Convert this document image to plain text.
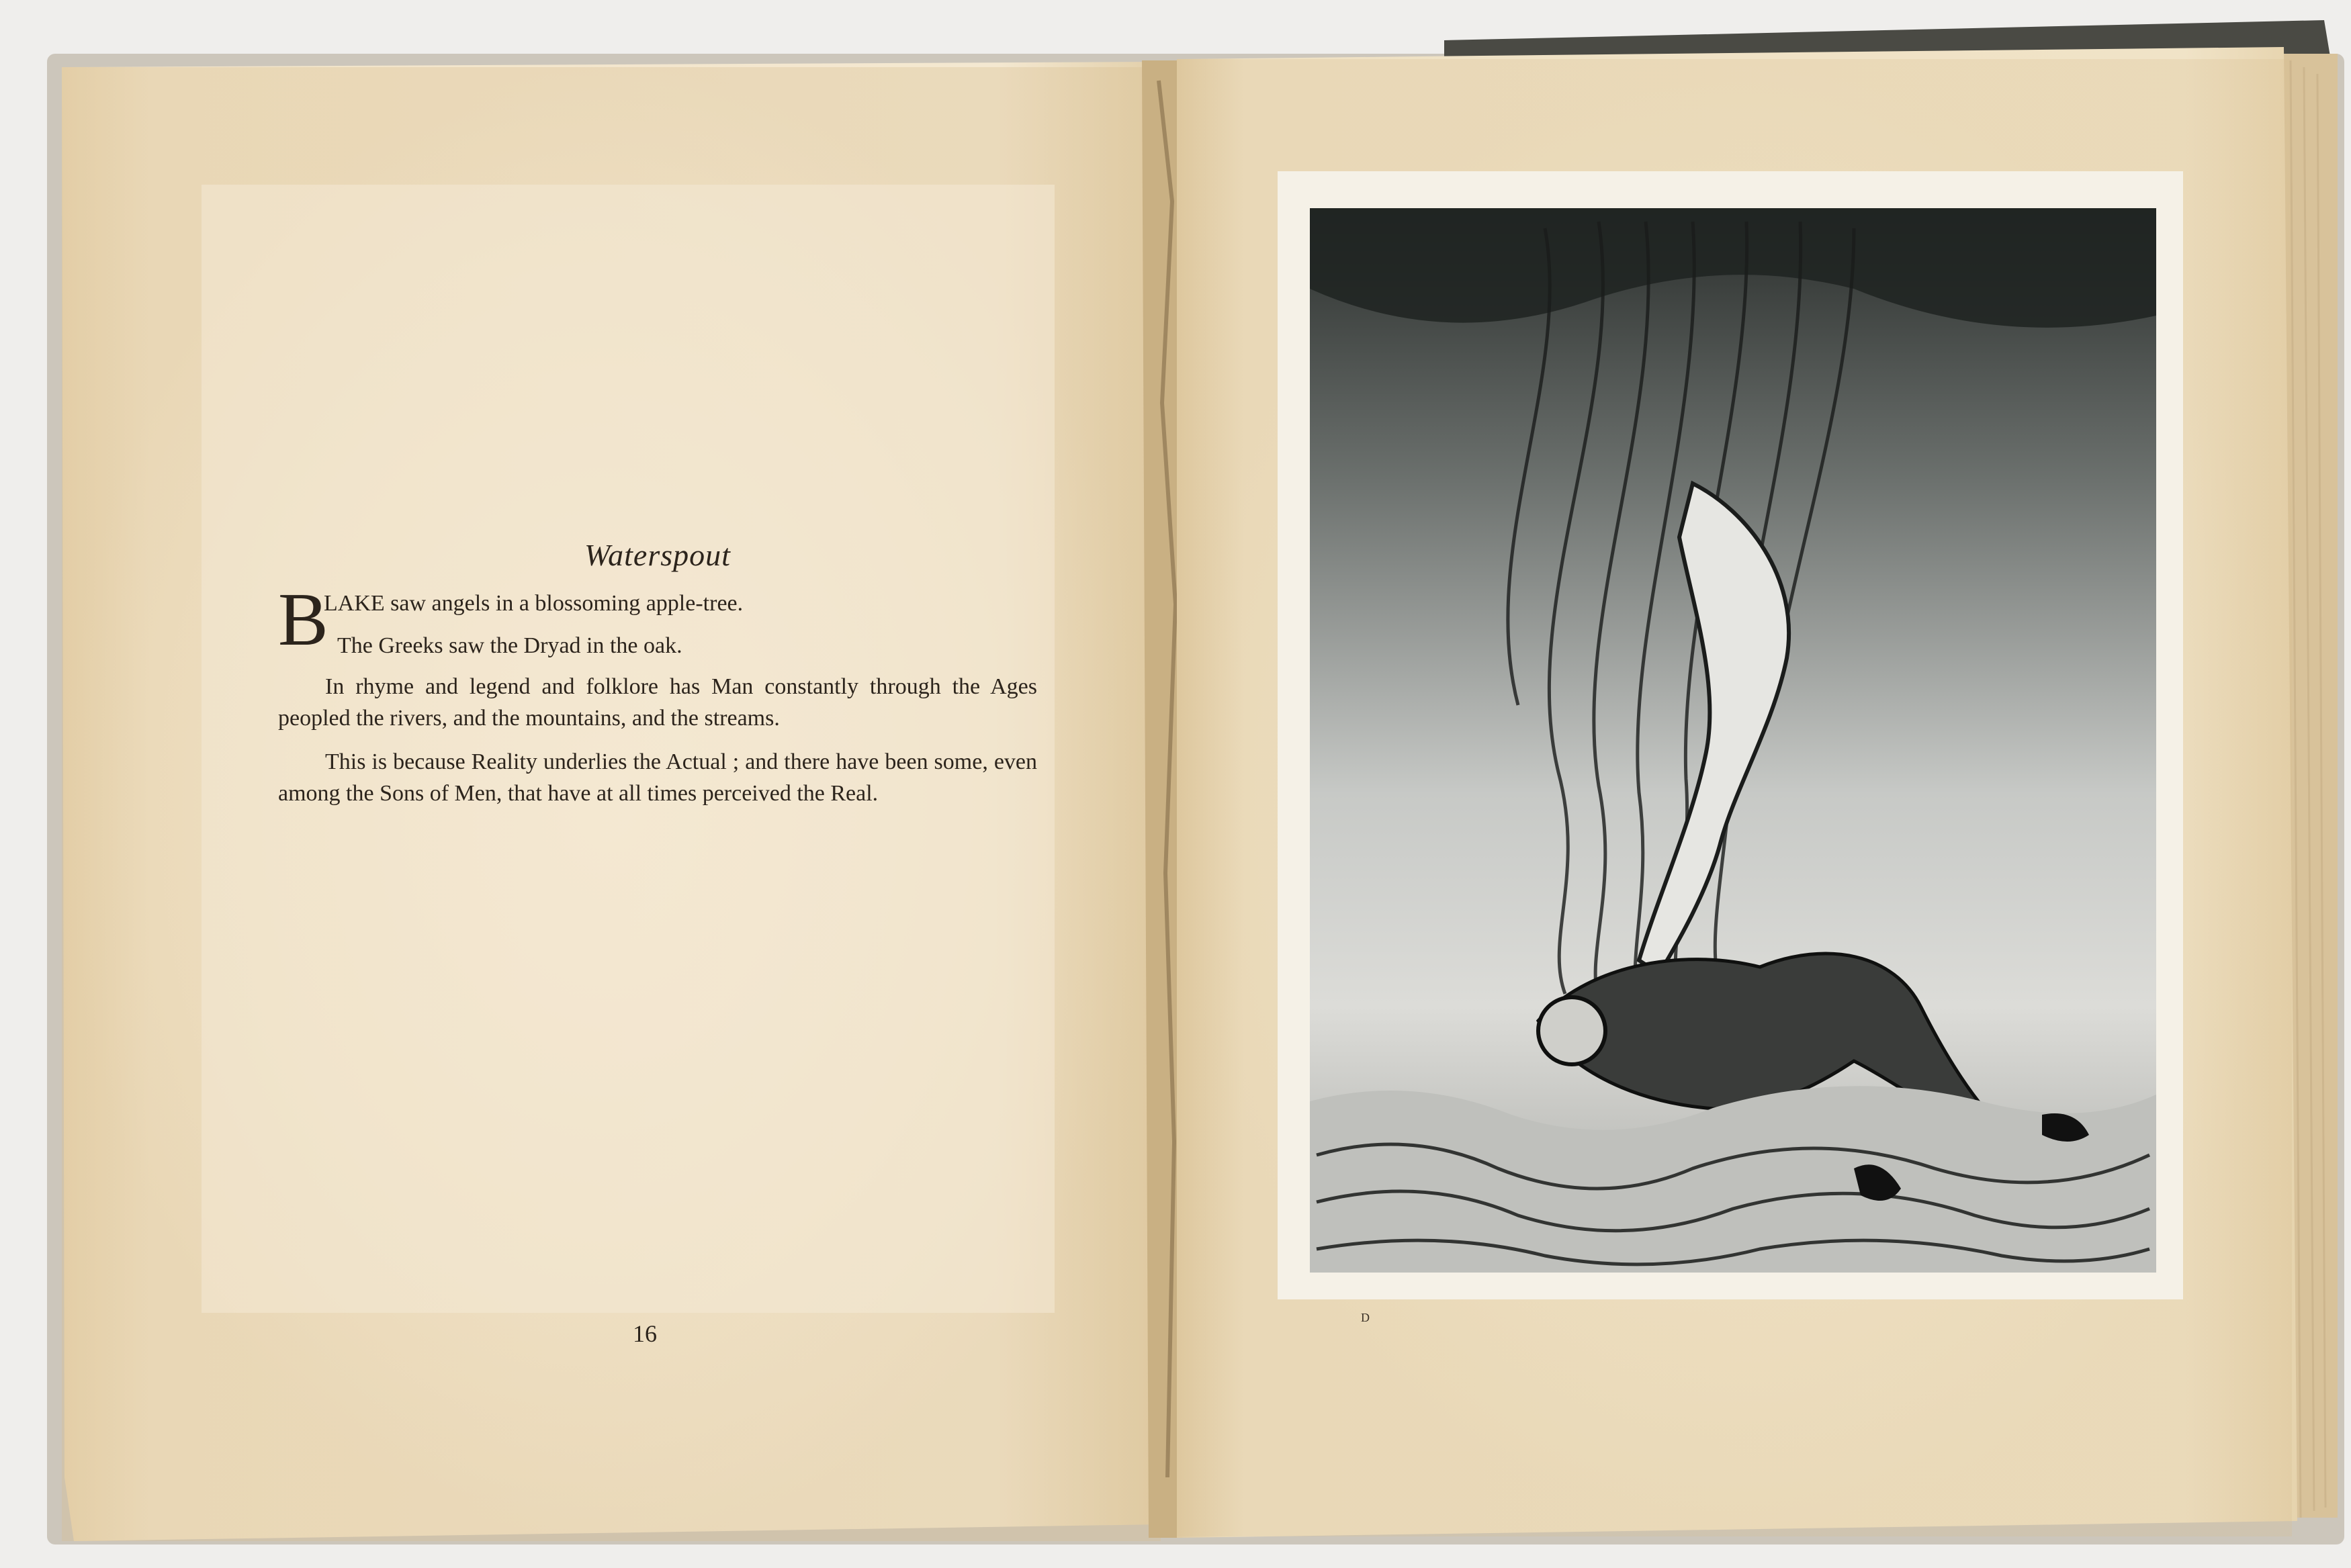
Waterspout
B
LAKE saw angels in a blossoming apple-tree.
The Greeks saw the Dryad in the oak.

In rhyme and legend and folklore has Man constantly through the Ages peopled the rivers, and the mountains, and the streams.

This is because Reality underlies the Actual ; and there have been some, even among the Sons of Men, that have at all times perceived the Real.

16
D
